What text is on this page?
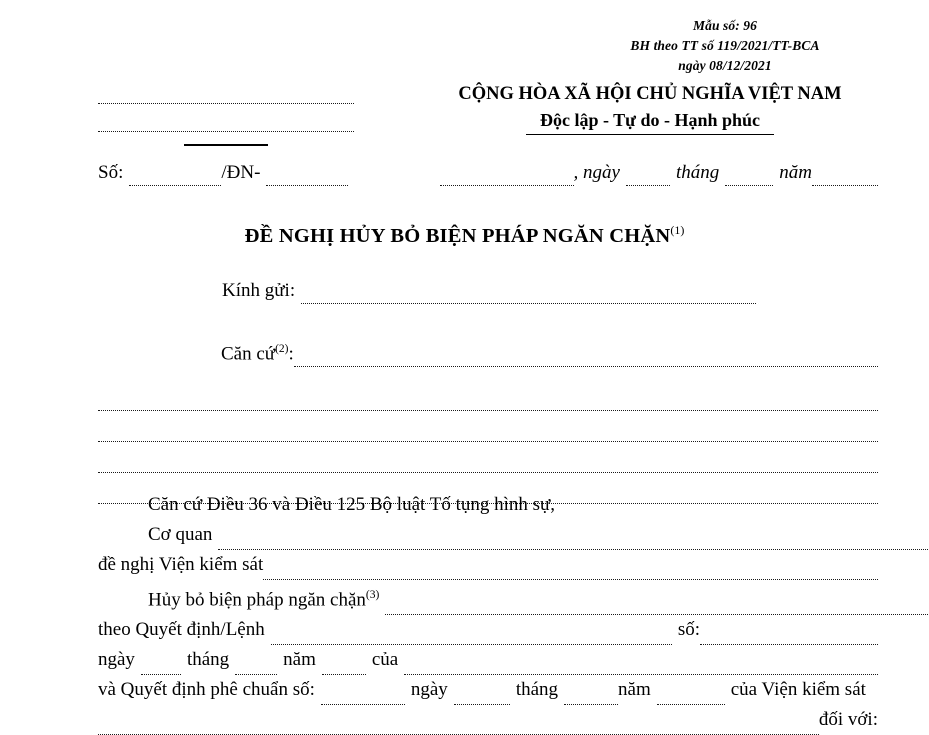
Mẫu số: 96
BH theo TT số 119/2021/TT-BCA
ngày 08/12/2021
CỘNG HÒA XÃ HỘI CHỦ NGHĨA VIỆT NAM
Độc lập - Tự do - Hạnh phúc
Số:	/ĐN-	, ngày	tháng	năm
ĐỀ NGHỊ HỦY BỎ BIỆN PHÁP NGĂN CHẶN$^{(1)}$
Kính gửi:
Căn cứ$^{(2)}$:
Căn cứ Điều 36 và Điều 125 Bộ luật Tố tụng hình sự,
Cơ quan
đề nghị Viện kiểm sát
Hủy bỏ biện pháp ngăn chặn$^{(3)}$
theo Quyết định/Lệnh	số:
ngày	tháng	năm	của
và Quyết định phê chuẩn số:	ngày	tháng	năm	của Viện kiểm sát
đối với:
